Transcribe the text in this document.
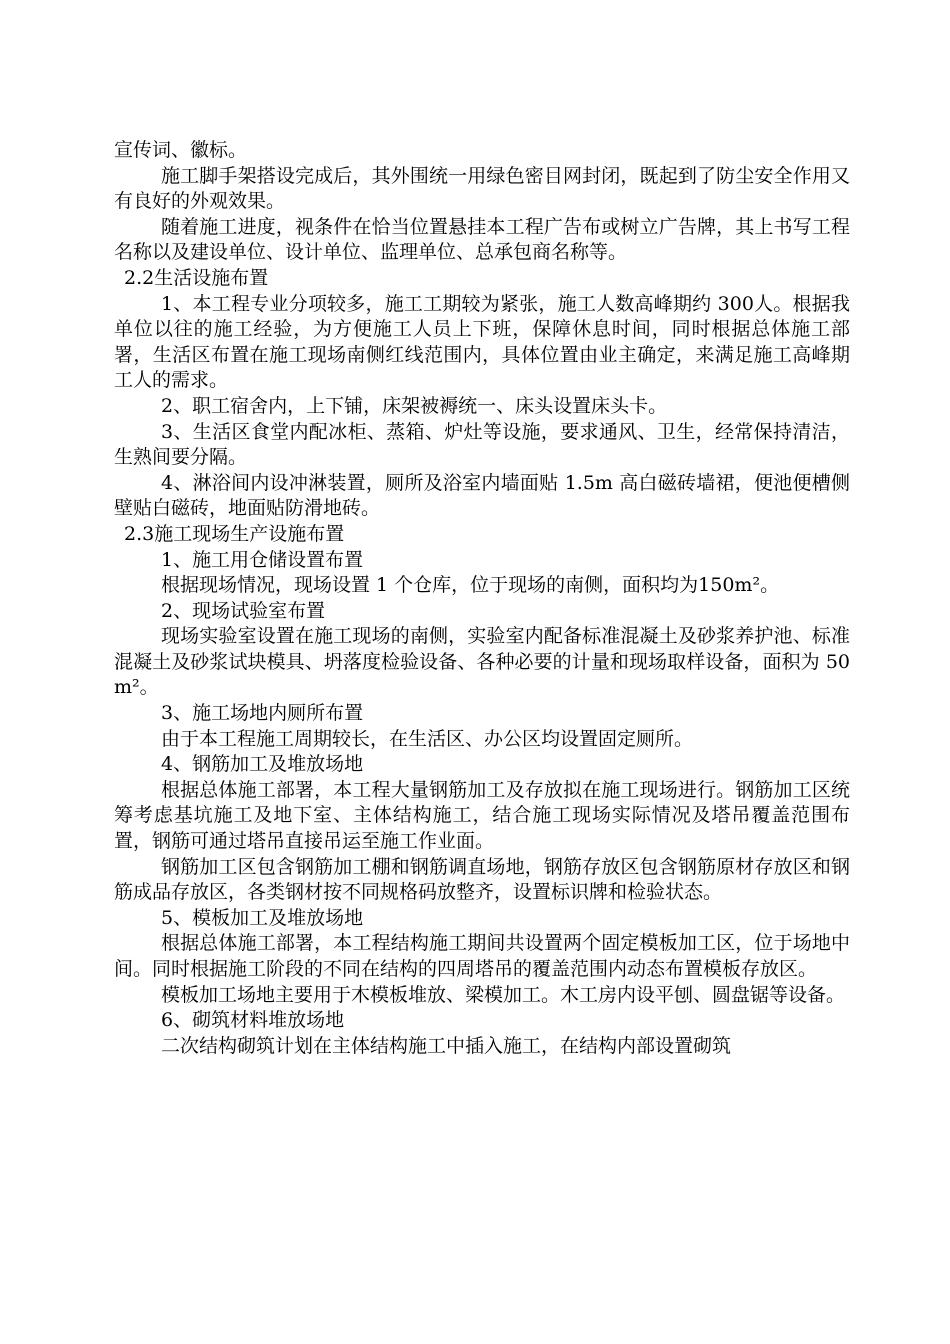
宣传词、徽标。

施工脚手架搭设完成后，其外围统一用绿色密目网封闭，既起到了防尘安全作用又有良好的外观效果。

随着施工进度，视条件在恰当位置悬挂本工程广告布或树立广告牌，其上书写工程名称以及建设单位、设计单位、监理单位、总承包商名称等。

2.2生活设施布置

1、本工程专业分项较多，施工工期较为紧张，施工人数高峰期约 300人。根据我单位以往的施工经验，为方便施工人员上下班，保障休息时间，同时根据总体施工部署，生活区布置在施工现场南侧红线范围内，具体位置由业主确定，来满足施工高峰期工人的需求。

2、职工宿舍内，上下铺，床架被褥统一、床头设置床头卡。

3、生活区食堂内配冰柜、蒸箱、炉灶等设施，要求通风、卫生，经常保持清洁，生熟间要分隔。

4、淋浴间内设冲淋装置，厕所及浴室内墙面贴 1.5m 高白磁砖墙裙，便池便槽侧壁贴白磁砖，地面贴防滑地砖。

2.3施工现场生产设施布置

1、施工用仓储设置布置

根据现场情况，现场设置 1 个仓库，位于现场的南侧，面积均为150m²。

2、现场试验室布置

现场实验室设置在施工现场的南侧，实验室内配备标准混凝土及砂浆养护池、标准混凝土及砂浆试块模具、坍落度检验设备、各种必要的计量和现场取样设备，面积为 50m²。

3、施工场地内厕所布置

由于本工程施工周期较长，在生活区、办公区均设置固定厕所。

4、钢筋加工及堆放场地

根据总体施工部署，本工程大量钢筋加工及存放拟在施工现场进行。钢筋加工区统筹考虑基坑施工及地下室、主体结构施工，结合施工现场实际情况及塔吊覆盖范围布置，钢筋可通过塔吊直接吊运至施工作业面。

钢筋加工区包含钢筋加工棚和钢筋调直场地，钢筋存放区包含钢筋原材存放区和钢筋成品存放区，各类钢材按不同规格码放整齐，设置标识牌和检验状态。

5、模板加工及堆放场地

根据总体施工部署，本工程结构施工期间共设置两个固定模板加工区，位于场地中间。同时根据施工阶段的不同在结构的四周塔吊的覆盖范围内动态布置模板存放区。

模板加工场地主要用于木模板堆放、梁模加工。木工房内设平刨、圆盘锯等设备。

6、砌筑材料堆放场地

二次结构砌筑计划在主体结构施工中插入施工，在结构内部设置砌筑
